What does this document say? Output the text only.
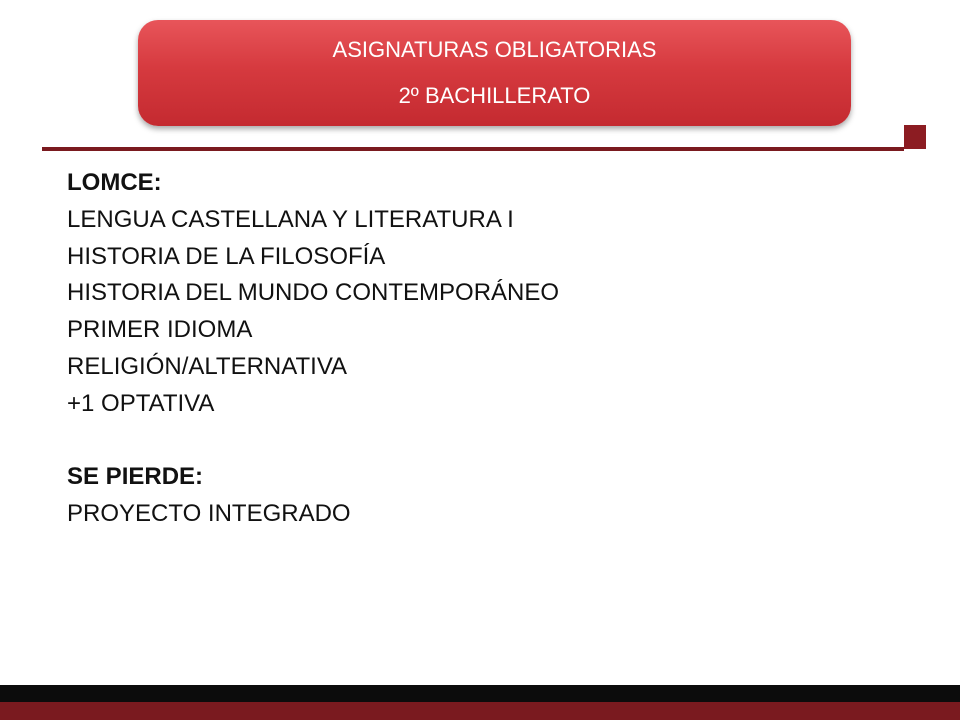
ASIGNATURAS OBLIGATORIAS
2º BACHILLERATO
LOMCE:
LENGUA CASTELLANA Y LITERATURA I
HISTORIA DE LA FILOSOFÍA
HISTORIA DEL MUNDO CONTEMPORÁNEO
PRIMER IDIOMA
RELIGIÓN/ALTERNATIVA
+1 OPTATIVA
SE PIERDE:
PROYECTO INTEGRADO
